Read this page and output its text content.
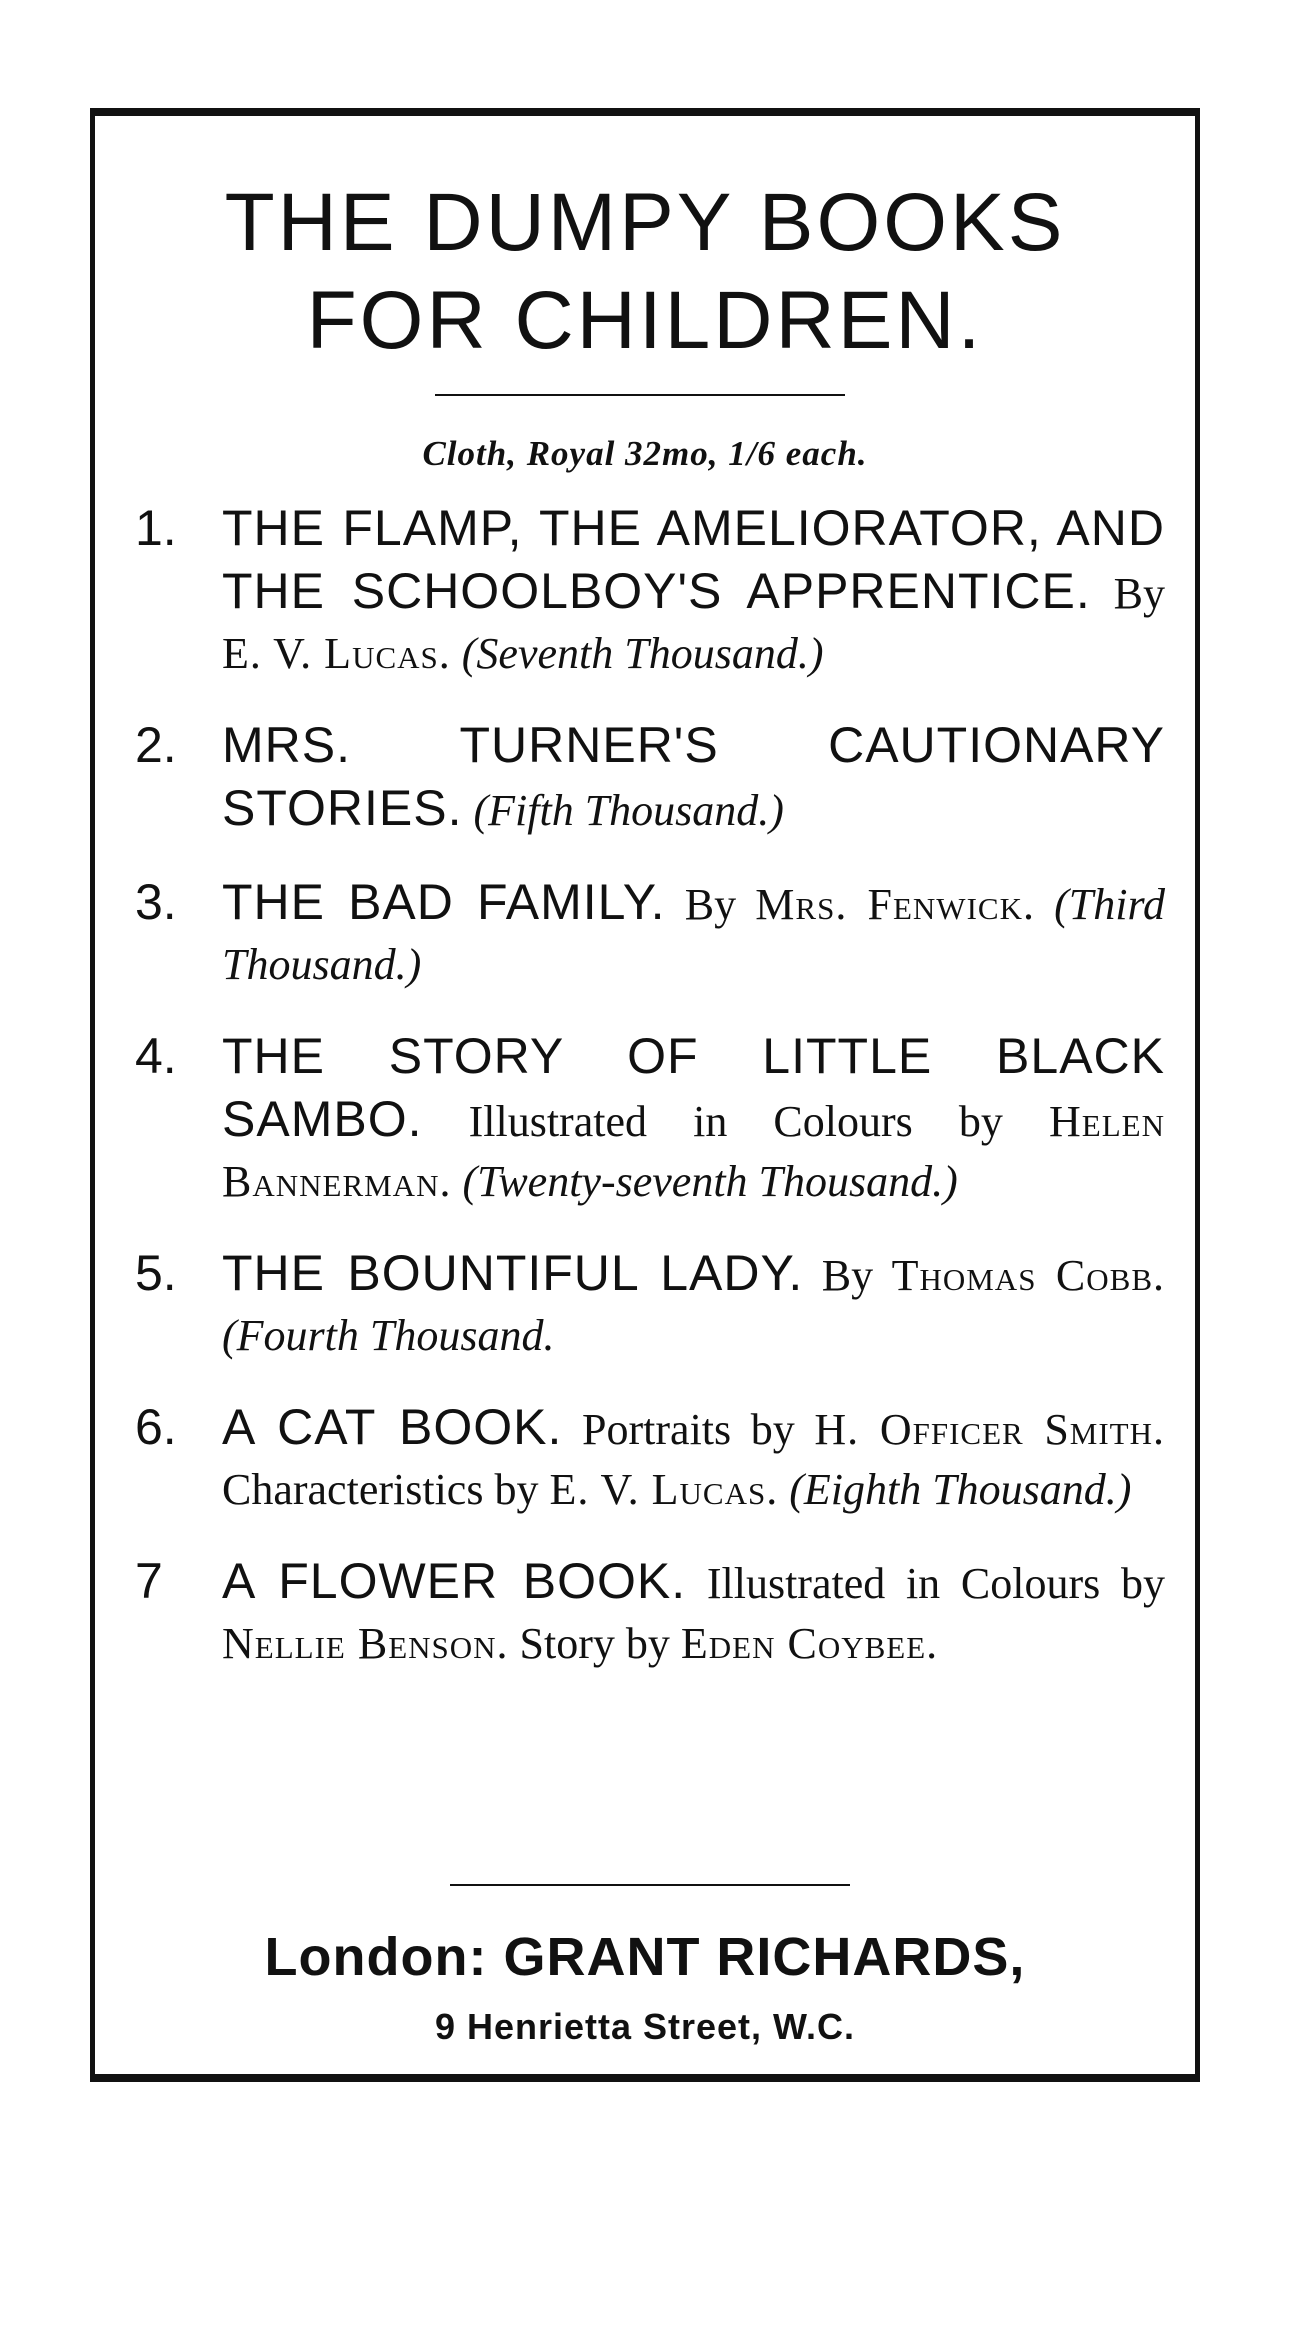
THE DUMPY BOOKS
FOR CHILDREN.
Cloth, Royal 32mo, 1/6 each.
1. THE FLAMP, THE AMELIORATOR, AND THE SCHOOLBOY'S APPRENTICE. By E. V. Lucas. (Seventh Thousand.)
2. MRS. TURNER'S CAUTIONARY STORIES. (Fifth Thousand.)
3. THE BAD FAMILY. By Mrs. Fenwick. (Third Thousand.)
4. THE STORY OF LITTLE BLACK SAMBO. Illustrated in Colours by Helen Bannerman. (Twenty-seventh Thousand.)
5. THE BOUNTIFUL LADY. By Thomas Cobb. (Fourth Thousand.
6. A CAT BOOK. Portraits by H. Officer Smith. Characteristics by E. V. Lucas. (Eighth Thousand.)
7 A FLOWER BOOK. Illustrated in Colours by Nellie Benson. Story by Eden Coybee.
London: GRANT RICHARDS,
9 Henrietta Street, W.C.
